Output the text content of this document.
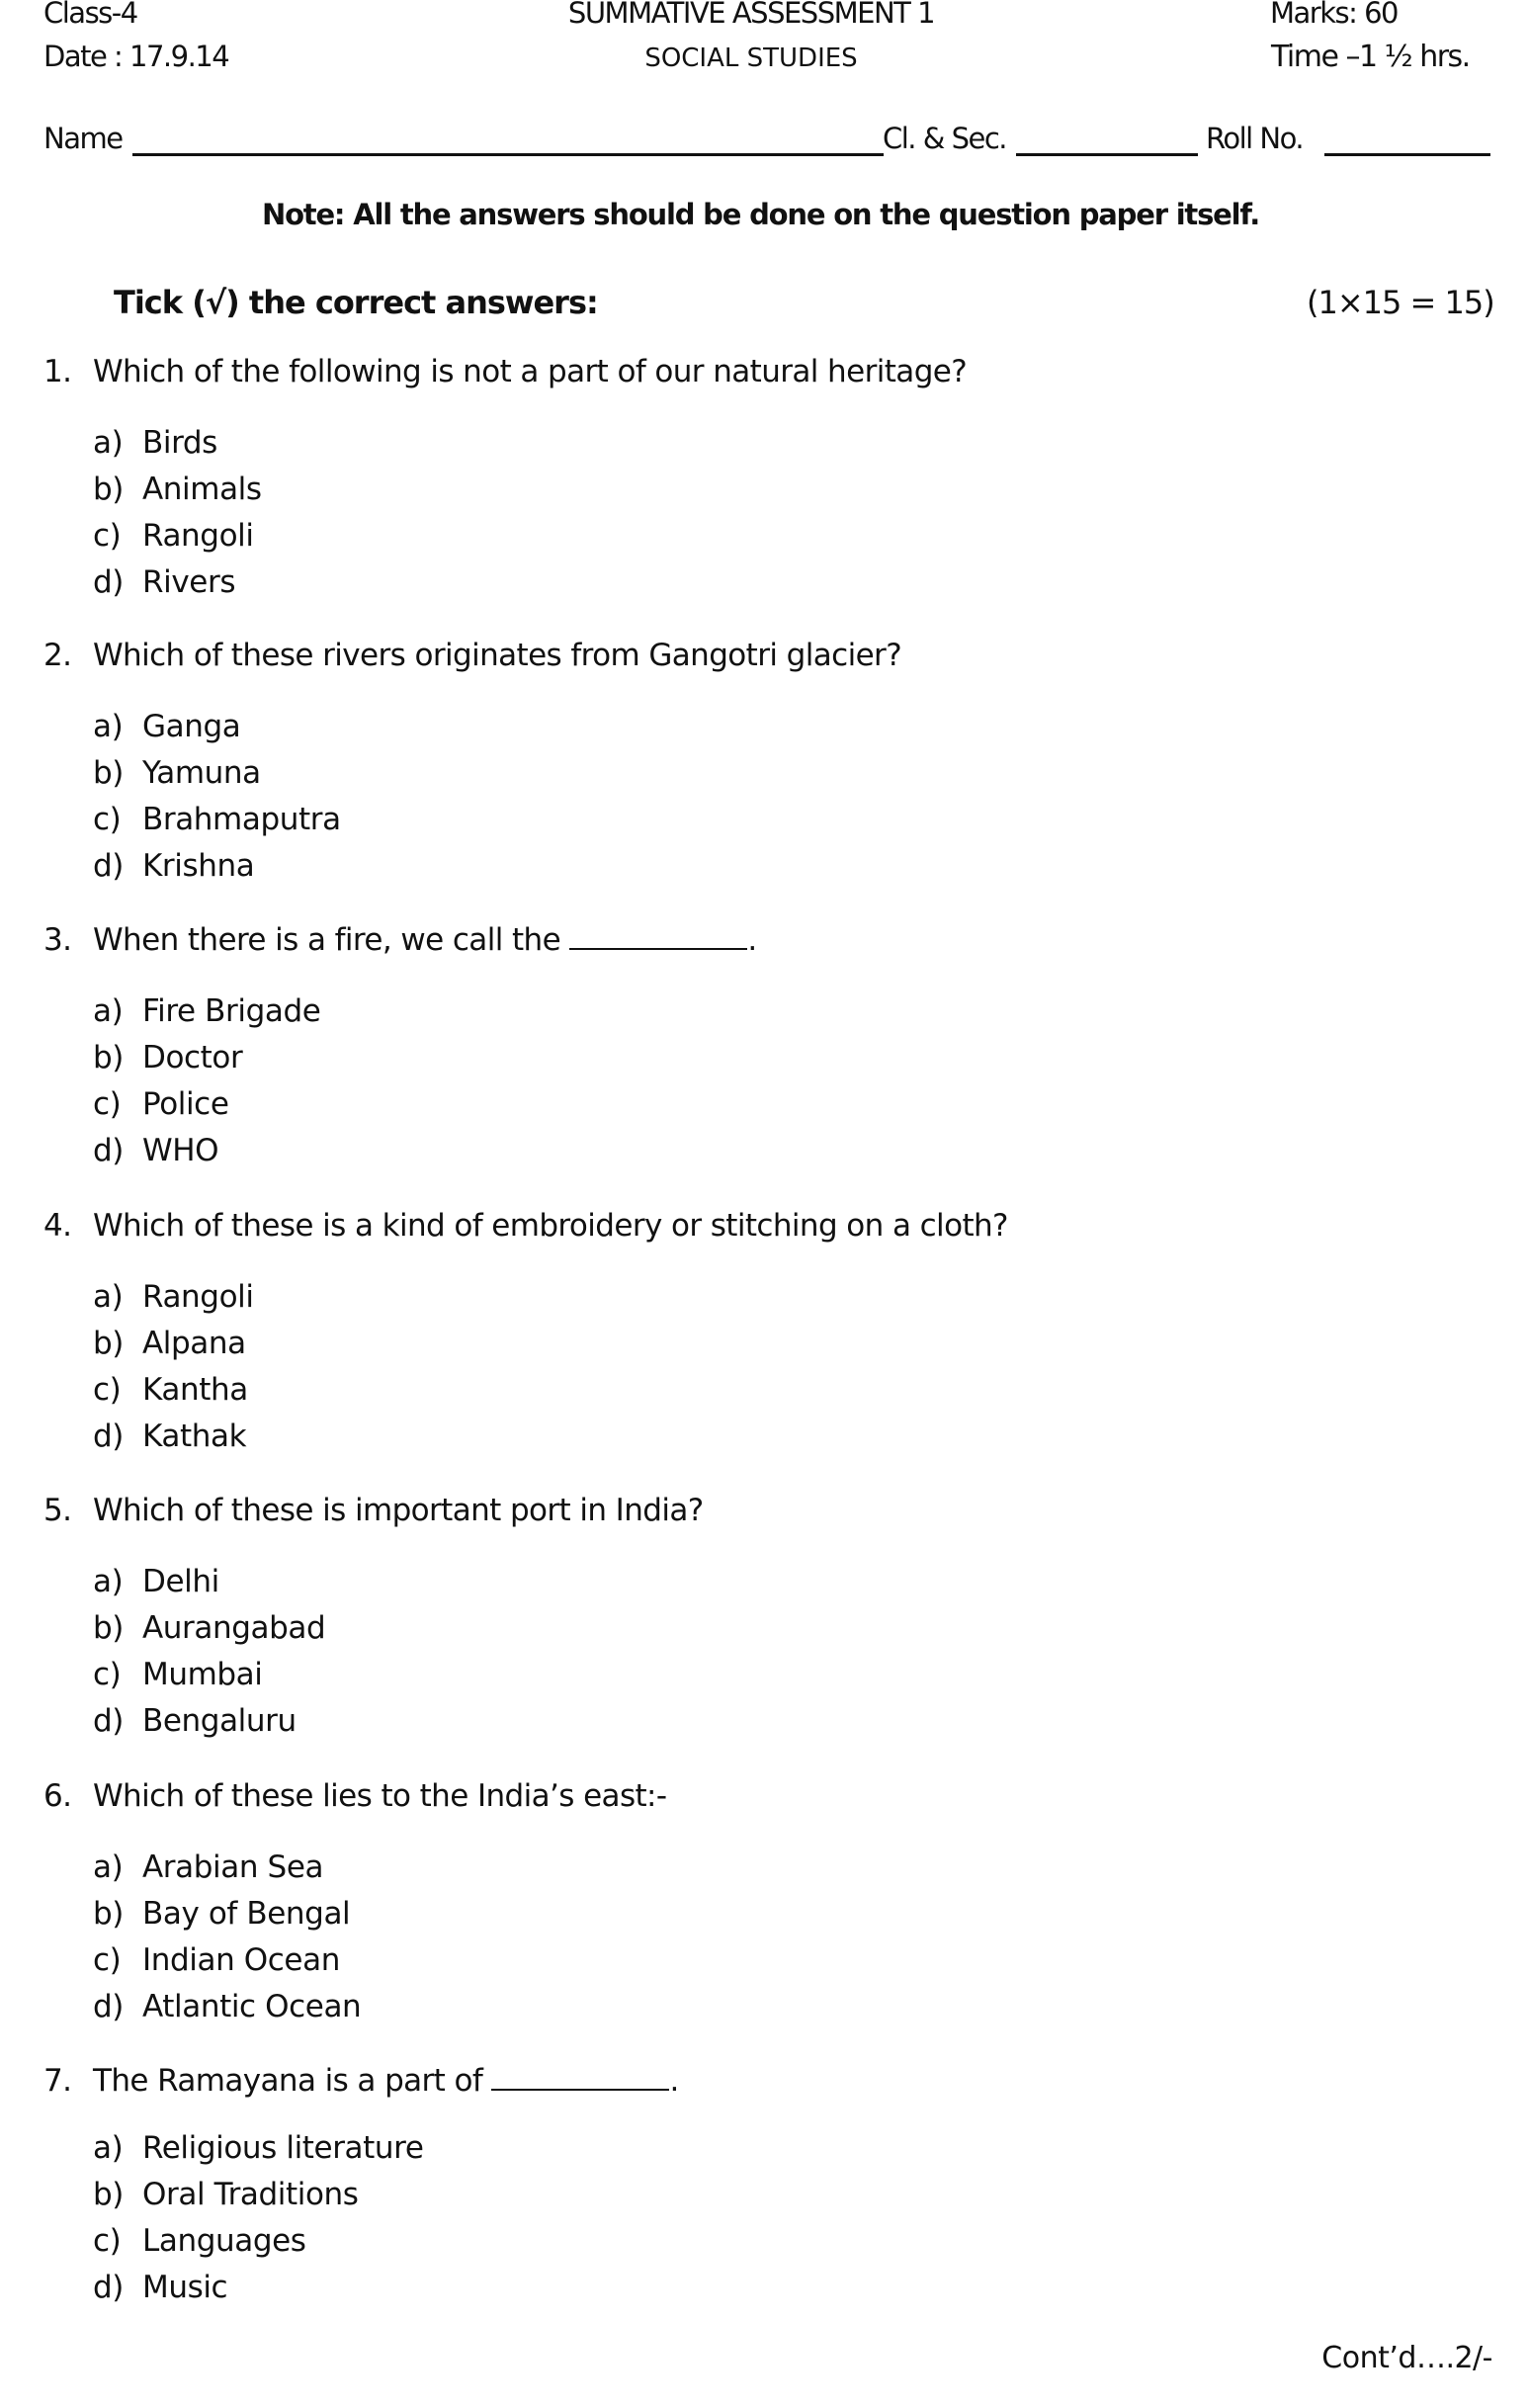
Class-4	SUMMATIVE ASSESSMENT 1	Marks: 60
Date : 17.9.14	SOCIAL STUDIES	Time –1 ½ hrs.
Name	Cl. & Sec.	Roll No.
Note: All the answers should be done on the question paper itself.
Tick (√) the correct answers:	(1×15 = 15)
1. Which of the following is not a part of our natural heritage?
a) Birds
b) Animals
c) Rangoli
d) Rivers
2. Which of these rivers originates from Gangotri glacier?
a) Ganga
b) Yamuna
c) Brahmaputra
d) Krishna
3. When there is a fire, we call the	.
a) Fire Brigade
b) Doctor
c) Police
d) WHO
4. Which of these is a kind of embroidery or stitching on a cloth?
a) Rangoli
b) Alpana
c) Kantha
d) Kathak
5. Which of these is important port in India?
a) Delhi
b) Aurangabad
c) Mumbai
d) Bengaluru
6. Which of these lies to the India’s east:-
a) Arabian Sea
b) Bay of Bengal
c) Indian Ocean
d) Atlantic Ocean
7. The Ramayana is a part of	.
a) Religious literature
b) Oral Traditions
c) Languages
d) Music
Cont’d….2/-
